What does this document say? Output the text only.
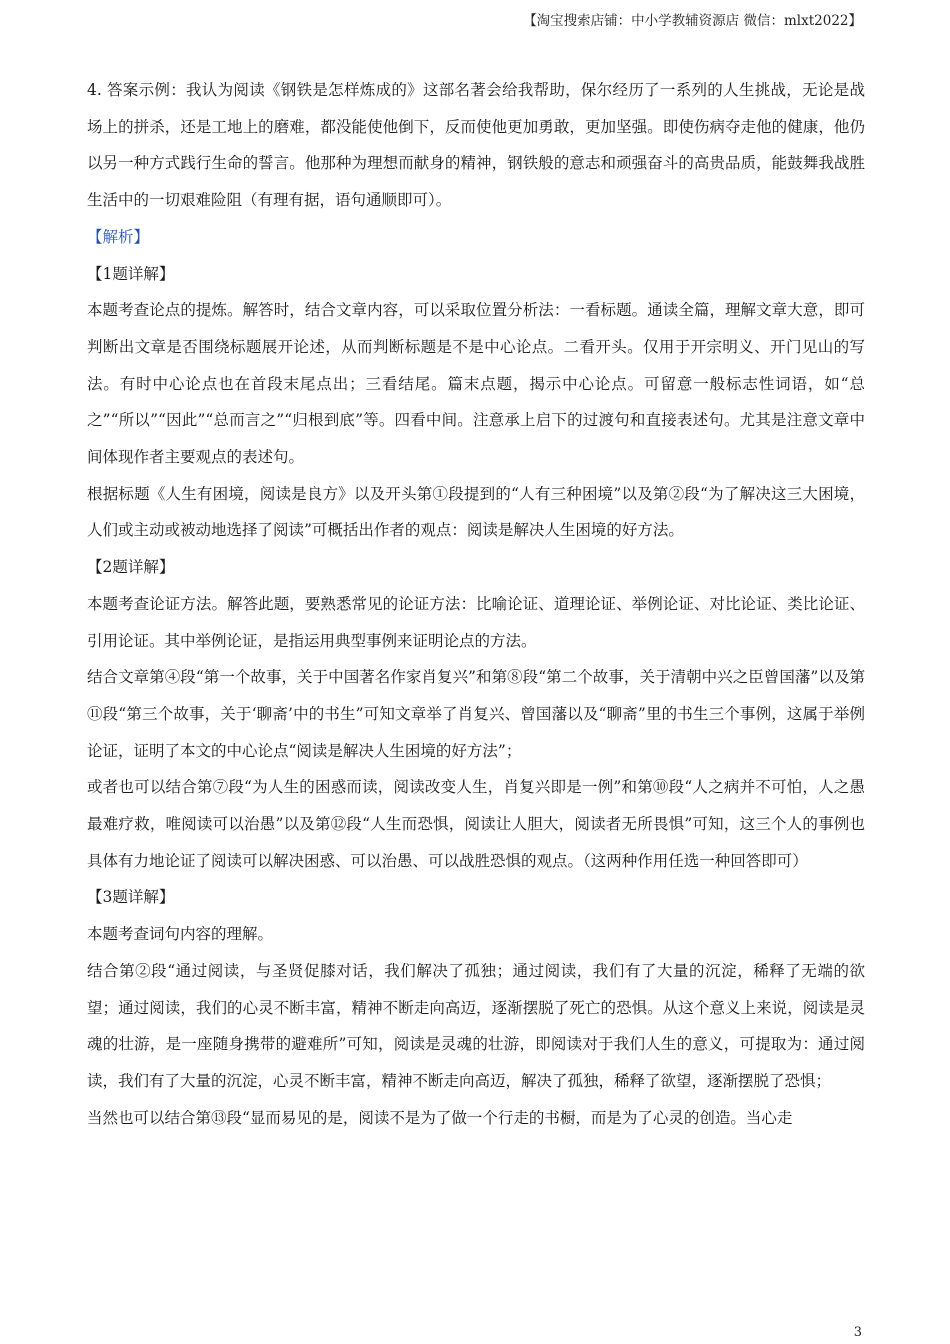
【淘宝搜索店铺：中小学教辅资源店 微信：mlxt2022】

4. 答案示例：我认为阅读《钢铁是怎样炼成的》这部名著会给我帮助，保尔经历了一系列的人生挑战，无论是战场上的拼杀，还是工地上的磨难，都没能使他倒下，反而使他更加勇敢，更加坚强。即使伤病夺走他的健康，他仍以另一种方式践行生命的誓言。他那种为理想而献身的精神，钢铁般的意志和顽强奋斗的高贵品质，能鼓舞我战胜生活中的一切艰难险阻（有理有据，语句通顺即可）。

【解析】

【1题详解】

本题考查论点的提炼。解答时，结合文章内容，可以采取位置分析法：一看标题。通读全篇，理解文章大意，即可判断出文章是否围绕标题展开论述，从而判断标题是不是中心论点。二看开头。仅用于开宗明义、开门见山的写法。有时中心论点也在首段末尾点出；三看结尾。篇末点题，揭示中心论点。可留意一般标志性词语，如“总之”“所以”“因此”“总而言之”“归根到底”等。四看中间。注意承上启下的过渡句和直接表述句。尤其是注意文章中间体现作者主要观点的表述句。

根据标题《人生有困境，阅读是良方》以及开头第①段提到的“人有三种困境”以及第②段“为了解决这三大困境，人们或主动或被动地选择了阅读”可概括出作者的观点：阅读是解决人生困境的好方法。

【2题详解】

本题考查论证方法。解答此题，要熟悉常见的论证方法：比喻论证、道理论证、举例论证、对比论证、类比论证、引用论证。其中举例论证，是指运用典型事例来证明论点的方法。

结合文章第④段“第一个故事，关于中国著名作家肖复兴”和第⑧段“第二个故事，关于清朝中兴之臣曾国藩”以及第⑪段“第三个故事，关于‘聊斋’中的书生”可知文章举了肖复兴、曾国藩以及“聊斋”里的书生三个事例，这属于举例论证，证明了本文的中心论点“阅读是解决人生困境的好方法”；

或者也可以结合第⑦段“为人生的困惑而读，阅读改变人生，肖复兴即是一例”和第⑩段“人之病并不可怕，人之愚最难疗救，唯阅读可以治愚”以及第⑫段“人生而恐惧，阅读让人胆大，阅读者无所畏惧”可知，这三个人的事例也具体有力地论证了阅读可以解决困惑、可以治愚、可以战胜恐惧的观点。（这两种作用任选一种回答即可）

【3题详解】

本题考查词句内容的理解。

结合第②段“通过阅读，与圣贤促膝对话，我们解决了孤独；通过阅读，我们有了大量的沉淀，稀释了无端的欲望；通过阅读，我们的心灵不断丰富，精神不断走向高迈，逐渐摆脱了死亡的恐惧。从这个意义上来说，阅读是灵魂的壮游，是一座随身携带的避难所”可知，阅读是灵魂的壮游，即阅读对于我们人生的意义，可提取为：通过阅读，我们有了大量的沉淀，心灵不断丰富，精神不断走向高迈，解决了孤独，稀释了欲望，逐渐摆脱了恐惧；

当然也可以结合第⑬段“显而易见的是，阅读不是为了做一个行走的书橱，而是为了心灵的创造。当心走

3
